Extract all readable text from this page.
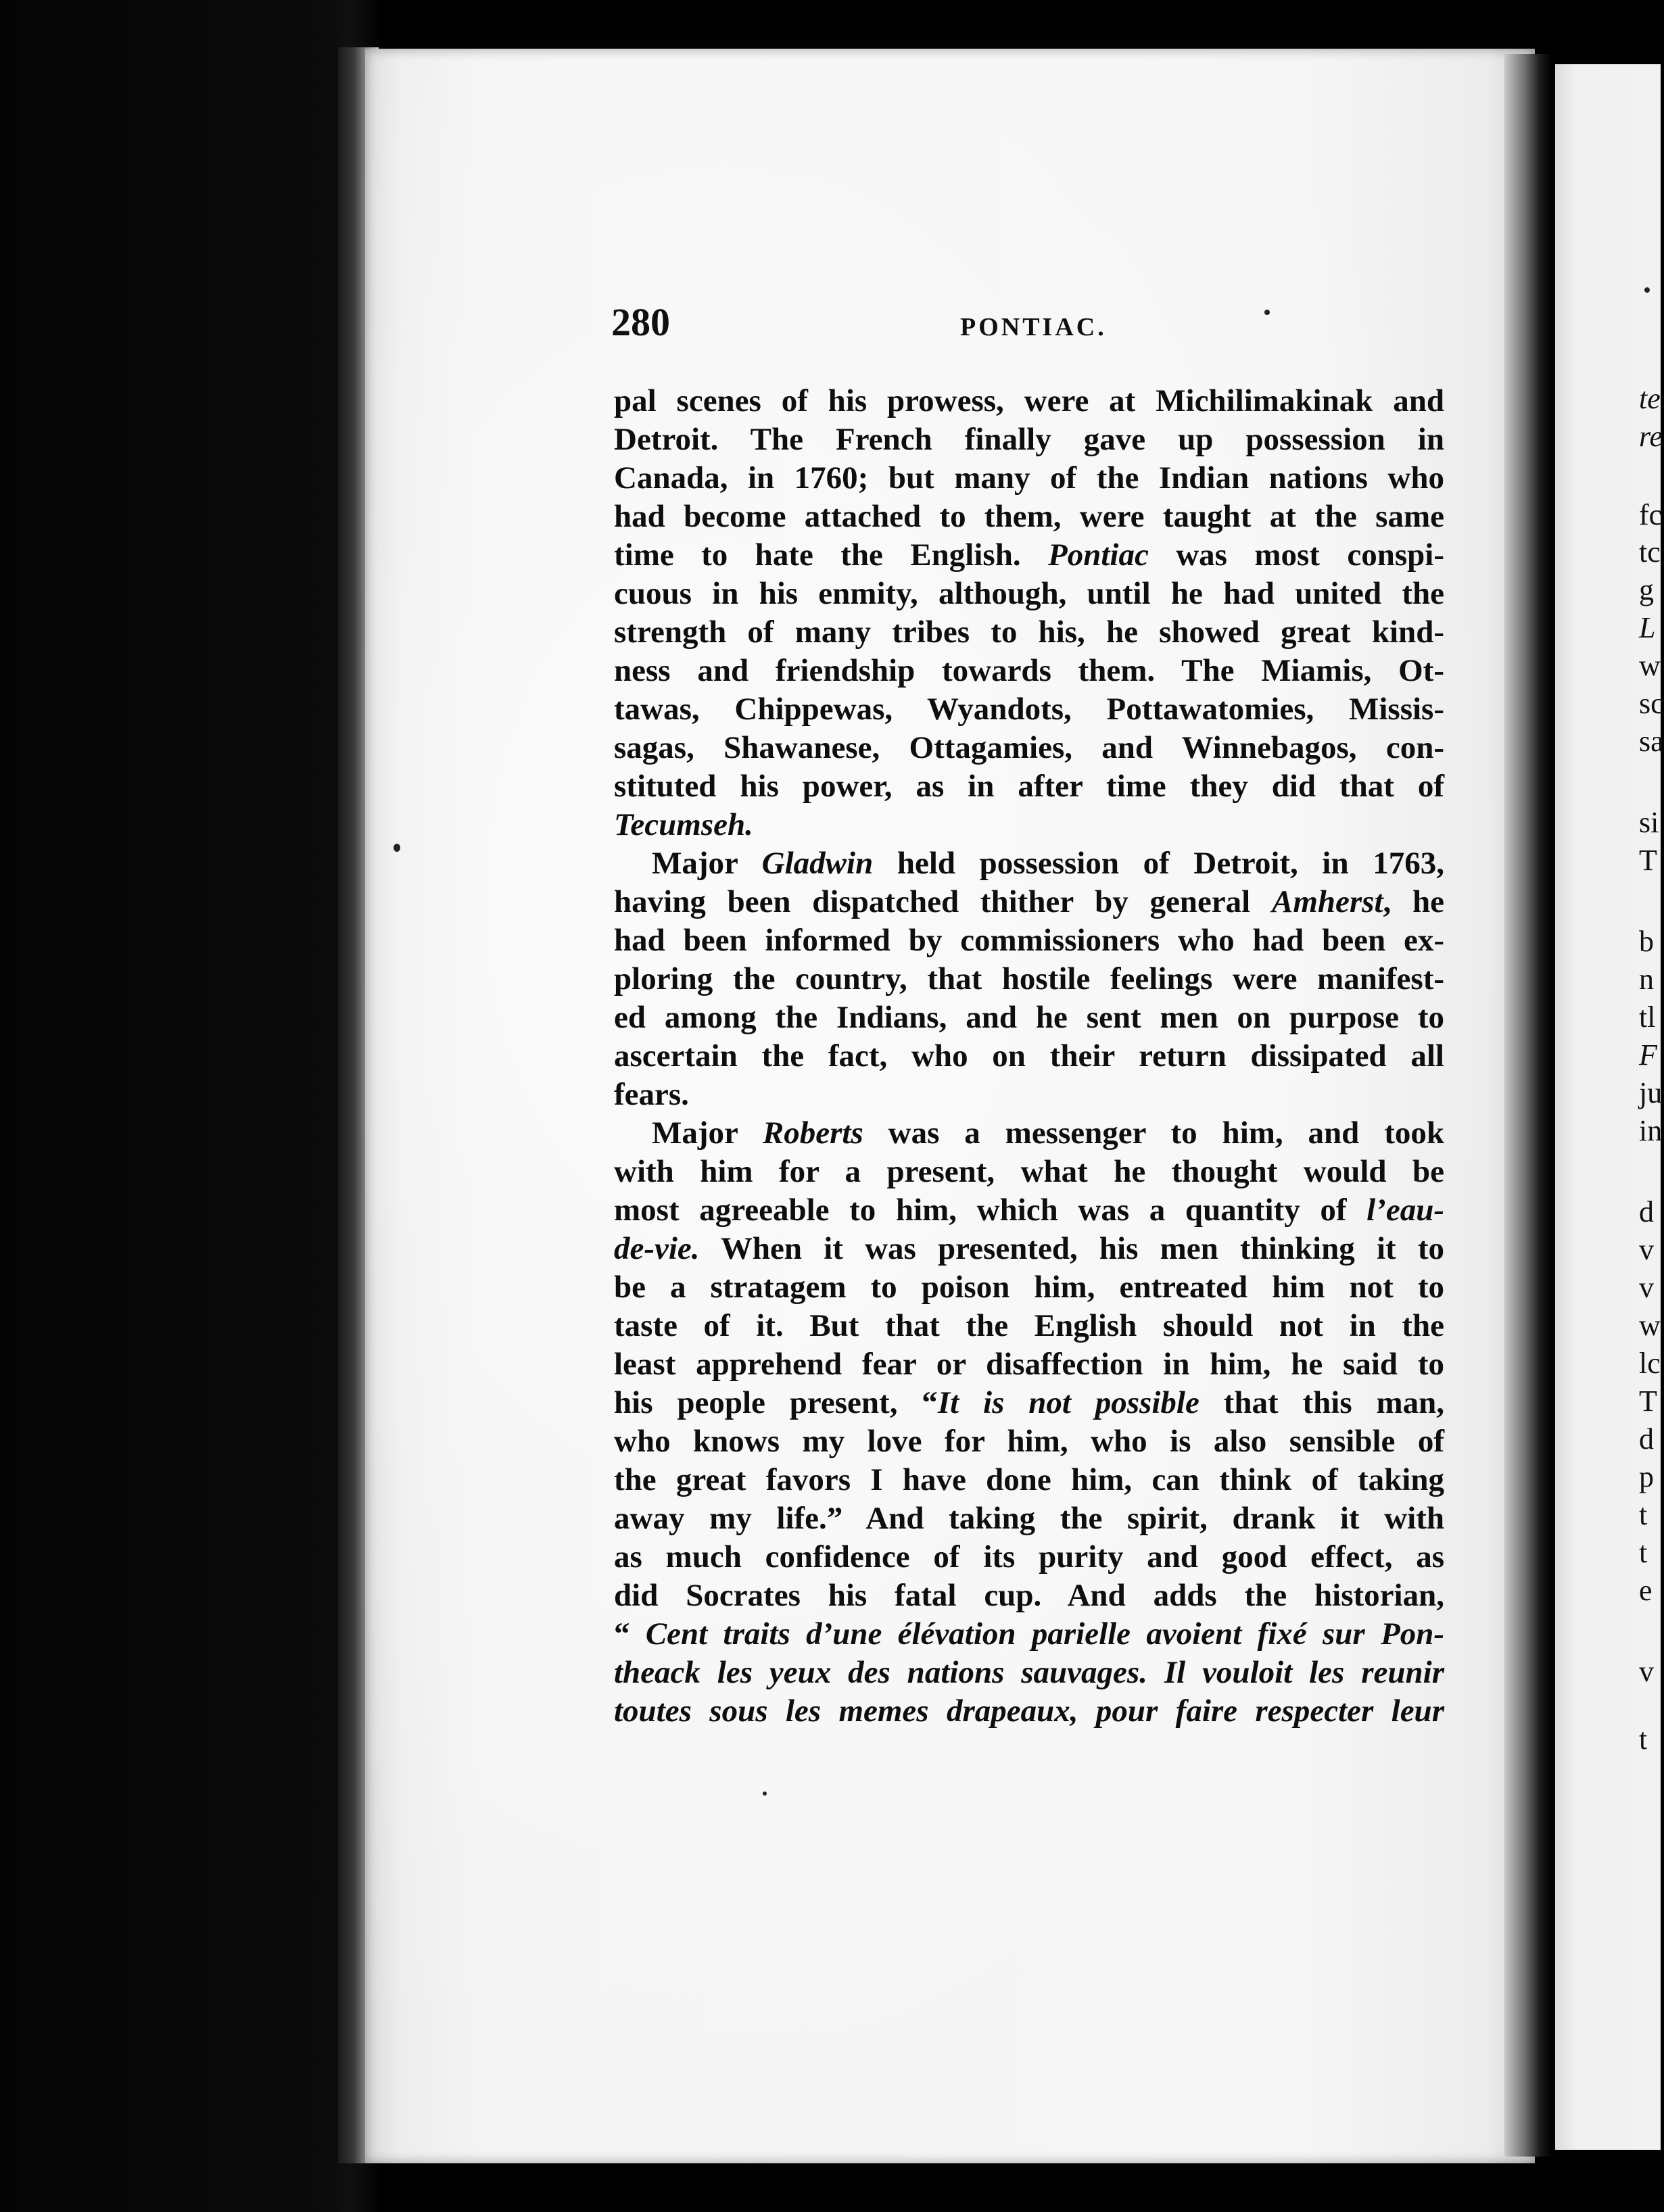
te
re
fc
tc
g
L
w
sc
sa
si
T
b
n
tl
F
ju
in
d
v
v
w
lc
T
d
p
t
t
e
v
t
280	PONTIAC.
pal scenes of his prowess, were at Michilimakinak and
Detroit. The French finally gave up possession in
Canada, in 1760; but many of the Indian nations who
had become attached to them, were taught at the same
time to hate the English. Pontiac was most conspi-
cuous in his enmity, although, until he had united the
strength of many tribes to his, he showed great kind-
ness and friendship towards them. The Miamis, Ot-
tawas, Chippewas, Wyandots, Pottawatomies, Missis-
sagas, Shawanese, Ottagamies, and Winnebagos, con-
stituted his power, as in after time they did that of
Tecumseh.
Major Gladwin held possession of Detroit, in 1763,
having been dispatched thither by general Amherst, he
had been informed by commissioners who had been ex-
ploring the country, that hostile feelings were manifest-
ed among the Indians, and he sent men on purpose to
ascertain the fact, who on their return dissipated all
fears.
Major Roberts was a messenger to him, and took
with him for a present, what he thought would be
most agreeable to him, which was a quantity of l’eau-
de-vie. When it was presented, his men thinking it to
be a stratagem to poison him, entreated him not to
taste of it. But that the English should not in the
least apprehend fear or disaffection in him, he said to
his people present, “It is not possible that this man,
who knows my love for him, who is also sensible of
the great favors I have done him, can think of taking
away my life.” And taking the spirit, drank it with
as much confidence of its purity and good effect, as
did Socrates his fatal cup. And adds the historian,
“ Cent traits d’une élévation parielle avoient fixé sur Pon-
theack les yeux des nations sauvages. Il vouloit les reunir
toutes sous les memes drapeaux, pour faire respecter leur
